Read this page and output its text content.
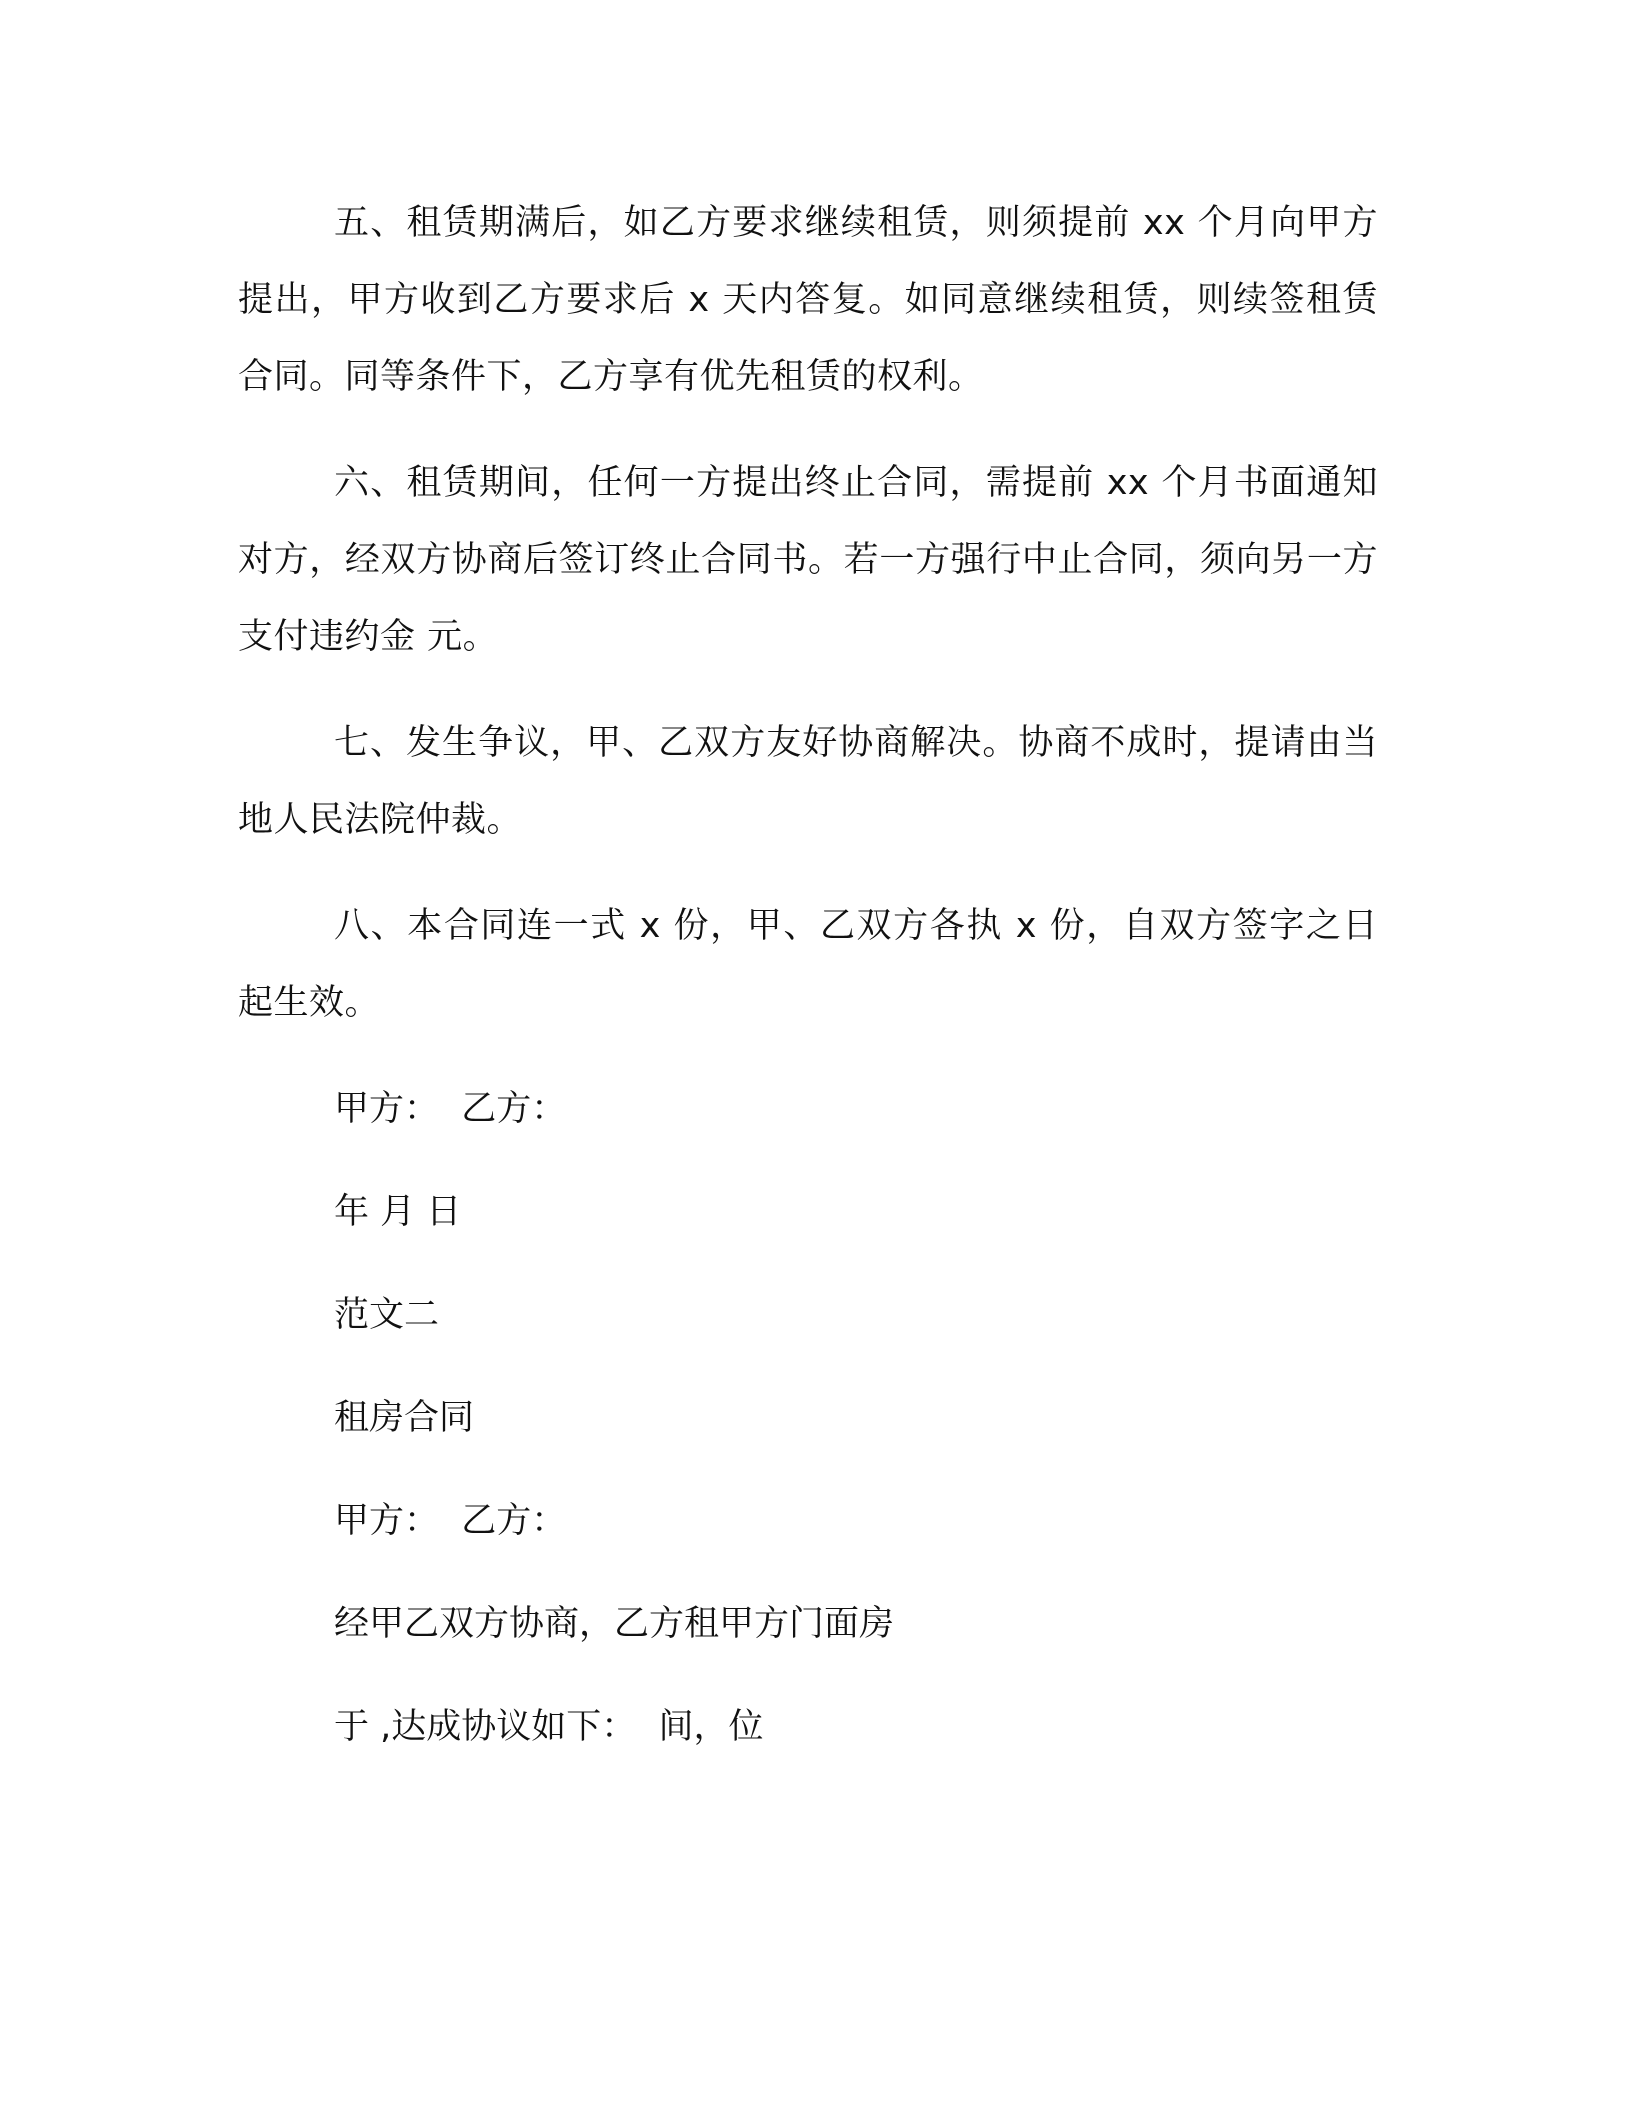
五、租赁期满后，如乙方要求继续租赁，则须提前 xx 个月向甲方提出，甲方收到乙方要求后 x 天内答复。如同意继续租赁，则续签租赁合同。同等条件下，乙方享有优先租赁的权利。

六、租赁期间，任何一方提出终止合同，需提前 xx 个月书面通知对方，经双方协商后签订终止合同书。若一方强行中止合同，须向另一方支付违约金 元。

七、发生争议，甲、乙双方友好协商解决。协商不成时，提请由当地人民法院仲裁。

八、本合同连一式 x 份，甲、乙双方各执 x 份，自双方签字之日起生效。

甲方：  乙方：

年 月 日

范文二

租房合同

甲方：  乙方：

经甲乙双方协商，乙方租甲方门面房

于 ,达成协议如下：  间，位
